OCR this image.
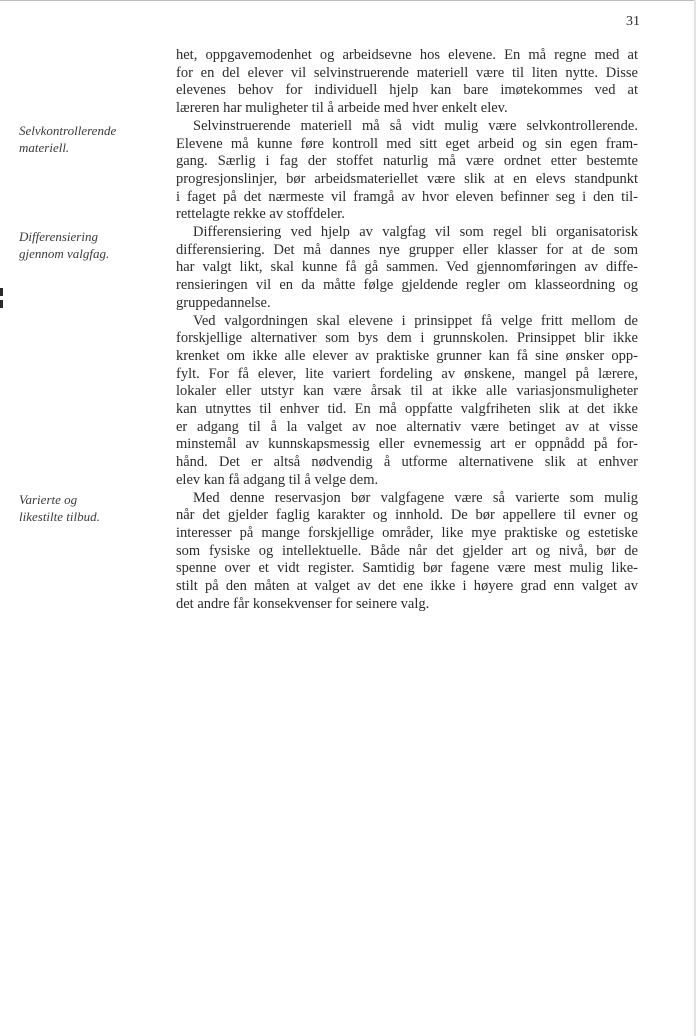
31
Selvkontrollerende
materiell.
Differensiering
gjennom valgfag.
Varierte og
likestilte tilbud.
het, oppgavemodenhet og arbeidsevne hos elevene. En må regne med at
for en del elever vil selvinstruerende materiell være til liten nytte. Disse
elevenes behov for individuell hjelp kan bare imøtekommes ved at
læreren har muligheter til å arbeide med hver enkelt elev.
Selvinstruerende materiell må så vidt mulig være selvkontrollerende.
Elevene må kunne føre kontroll med sitt eget arbeid og sin egen fram-
gang. Særlig i fag der stoffet naturlig må være ordnet etter bestemte
progresjonslinjer, bør arbeidsmateriellet være slik at en elevs standpunkt
i faget på det nærmeste vil framgå av hvor eleven befinner seg i den til-
rettelagte rekke av stoffdeler.
Differensiering ved hjelp av valgfag vil som regel bli organisatorisk
differensiering. Det må dannes nye grupper eller klasser for at de som
har valgt likt, skal kunne få gå sammen. Ved gjennomføringen av diffe-
rensieringen vil en da måtte følge gjeldende regler om klasseordning og
gruppedannelse.
Ved valgordningen skal elevene i prinsippet få velge fritt mellom de
forskjellige alternativer som bys dem i grunnskolen. Prinsippet blir ikke
krenket om ikke alle elever av praktiske grunner kan få sine ønsker opp-
fylt. For få elever, lite variert fordeling av ønskene, mangel på lærere,
lokaler eller utstyr kan være årsak til at ikke alle variasjonsmuligheter
kan utnyttes til enhver tid. En må oppfatte valgfriheten slik at det ikke
er adgang til å la valget av noe alternativ være betinget av at visse
minstemål av kunnskapsmessig eller evnemessig art er oppnådd på for-
hånd. Det er altså nødvendig å utforme alternativene slik at enhver
elev kan få adgang til å velge dem.
Med denne reservasjon bør valgfagene være så varierte som mulig
når det gjelder faglig karakter og innhold. De bør appellere til evner og
interesser på mange forskjellige områder, like mye praktiske og estetiske
som fysiske og intellektuelle. Både når det gjelder art og nivå, bør de
spenne over et vidt register. Samtidig bør fagene være mest mulig like-
stilt på den måten at valget av det ene ikke i høyere grad enn valget av
det andre får konsekvenser for seinere valg.
